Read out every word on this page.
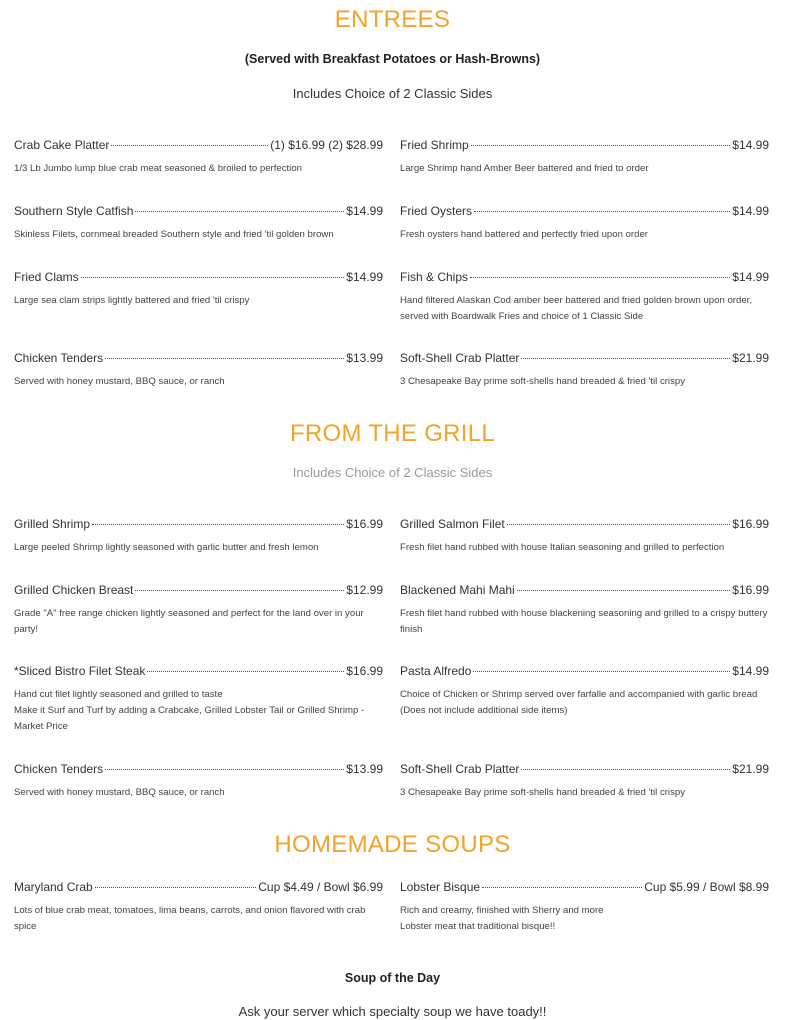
ENTREES

(Served with Breakfast Potatoes or Hash-Browns)

Includes Choice of 2 Classic Sides

Crab Cake Platter	(1) $16.99 (2) $28.99
1/3 Lb Jumbo lump blue crab meat seasoned & broiled to perfection
Fried Shrimp	$14.99
Large Shrimp hand Amber Beer battered and fried to order
Southern Style Catfish	$14.99
Skinless Filets, cornmeal breaded Southern style and fried 'til golden brown
Fried Oysters	$14.99
Fresh oysters hand battered and perfectly fried upon order
Fried Clams	$14.99
Large sea clam strips lightly battered and fried 'til crispy
Fish & Chips	$14.99
Hand filtered Alaskan Cod amber beer battered and fried golden brown upon order, served with Boardwalk Fries and choice of 1 Classic Side
Chicken Tenders	$13.99
Served with honey mustard, BBQ sauce, or ranch
Soft-Shell Crab Platter	$21.99
3 Chesapeake Bay prime soft-shells hand breaded & fried 'til crispy
FROM THE GRILL

Includes Choice of 2 Classic Sides

Grilled Shrimp	$16.99
Large peeled Shrimp lightly seasoned with garlic butter and fresh lemon
Grilled Salmon Filet	$16.99
Fresh filet hand rubbed with house Italian seasoning and grilled to perfection
Grilled Chicken Breast	$12.99
Grade "A" free range chicken lightly seasoned and perfect for the land over in your party!
Blackened Mahi Mahi	$16.99
Fresh filet hand rubbed with house blackening seasoning and grilled to a crispy buttery finish
*Sliced Bistro Filet Steak	$16.99
Hand cut filet lightly seasoned and grilled to taste
Make it Surf and Turf by adding a Crabcake, Grilled Lobster Tail or Grilled Shrimp - Market Price
Pasta Alfredo	$14.99
Choice of Chicken or Shrimp served over farfalle and accompanied with garlic bread
(Does not include additional side items)
Chicken Tenders	$13.99
Served with honey mustard, BBQ sauce, or ranch
Soft-Shell Crab Platter	$21.99
3 Chesapeake Bay prime soft-shells hand breaded & fried 'til crispy
HOMEMADE SOUPS
Maryland Crab	Cup $4.49 / Bowl $6.99
Lots of blue crab meat, tomatoes, lima beans, carrots, and onion flavored with crab spice
Lobster Bisque	Cup $5.99 / Bowl $8.99
Rich and creamy, finished with Sherry and more
Lobster meat that traditional bisque!!

Soup of the Day

Ask your server which specialty soup we have toady!!
